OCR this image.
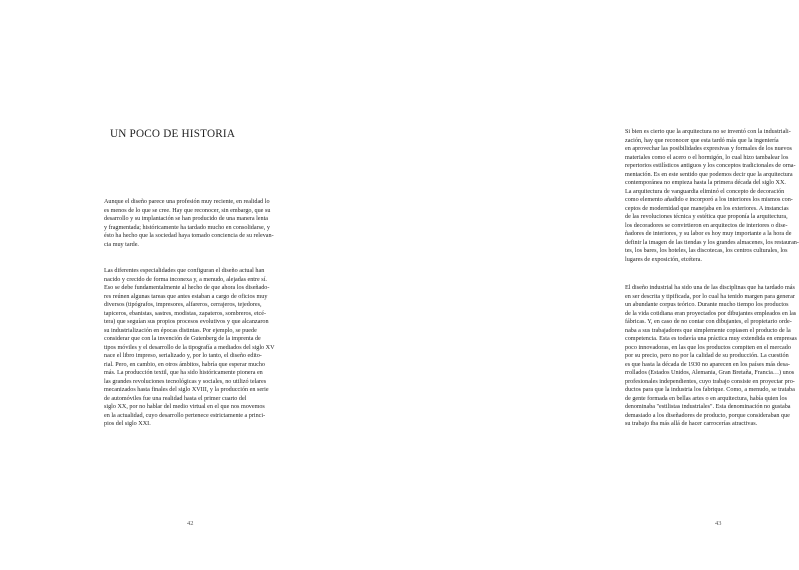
UN POCO DE HISTORIA
Aunque el diseño parece una profesión muy reciente, en realidad lo
es menos de lo que se cree. Hay que reconocer, sin embargo, que su
desarrollo y su implantación se han producido de una manera lenta
y fragmentada; históricamente ha tardado mucho en consolidarse, y
ésto ha hecho que la sociedad haya tomado conciencia de su relevan-
cia muy tarde.
Las diferentes especialidades que configuran el diseño actual han
nacido y crecido de forma inconexa y, a menudo, alejadas entre sí.
Eso se debe fundamentalmente al hecho de que ahora los diseñado-
res reúnen algunas tareas que antes estaban a cargo de oficios muy
diversos (tipógrafos, impresores, alfareros, cerrajeros, tejedores,
tapiceros, ebanistas, sastres, modistas, zapateros, sombreros, etcé-
tera) que seguían sus propios procesos evolutivos y que alcanzaron
su industrialización en épocas distintas. Por ejemplo, se puede
considerar que con la invención de Gutenberg de la imprenta de
tipos móviles y el desarrollo de la tipografía a mediados del siglo XV
nace el libro impreso, serializado y, por lo tanto, el diseño edito-
rial. Pero, en cambio, en otros ámbitos, habría que esperar mucho
más. La producción textil, que ha sido históricamente pionera en
las grandes revoluciones tecnológicas y sociales, no utilizó telares
mecanizados hasta finales del siglo XVIII, y la producción en serie
de automóviles fue una realidad hasta el primer cuarto del
siglo XX, por no hablar del medio virtual en el que nos movemos
en la actualidad, cuyo desarrollo pertenece estrictamente a princi-
pios del siglo XXI.
42
Si bien es cierto que la arquitectura no se inventó con la industriali-
zación, hay que reconocer que esta tardó más que la ingeniería
en aprovechar las posibilidades expresivas y formales de los nuevos
materiales como el acero o el hormigón, lo cual hizo tambalear los
repertorios estilísticos antiguos y los conceptos tradicionales de orna-
mentación. Es en este sentido que podemos decir que la arquitectura
contemporánea no empieza hasta la primera década del siglo XX.
La arquitectura de vanguardia eliminó el concepto de decoración
como elemento añadido e incorporó a los interiores los mismos con-
ceptos de modernidad que manejaba en los exteriores. A instancias
de las revoluciones técnica y estética que proponía la arquitectura,
los decoradores se convirtieron en arquitectos de interiores o dise-
ñadores de interiores, y su labor es hoy muy importante a la hora de
definir la imagen de las tiendas y los grandes almacenes, los restauran-
tes, los bares, los hoteles, las discotecas, los centros culturales, los
lugares de exposición, etcétera.
El diseño industrial ha sido una de las disciplinas que ha tardado más
en ser descrita y tipificada, por lo cual ha tenido margen para generar
un abundante corpus teórico. Durante mucho tiempo los productos
de la vida cotidiana eran proyectados por dibujantes empleados en las
fábricas. Y, en caso de no contar con dibujantes, el propietario orde-
naba a sus trabajadores que simplemente copiasen el producto de la
competencia. Esta es todavía una práctica muy extendida en empresas
poco innovadoras, en las que los productos compiten en el mercado
por su precio, pero no por la calidad de su producción. La cuestión
es que hasta la década de 1930 no aparecen en los países más desa-
rrollados (Estados Unidos, Alemania, Gran Bretaña, Francia…) unos
profesionales independientes, cuyo trabajo consiste en proyectar pro-
ductos para que la industria los fabrique. Como, a menudo, se trataba
de gente formada en bellas artes o en arquitectura, había quien los
denominaba "estilistas industriales". Esta denominación no gustaba
demasiado a los diseñadores de producto, porque consideraban que
su trabajo iba más allá de hacer carrocerías atractivas.
43
